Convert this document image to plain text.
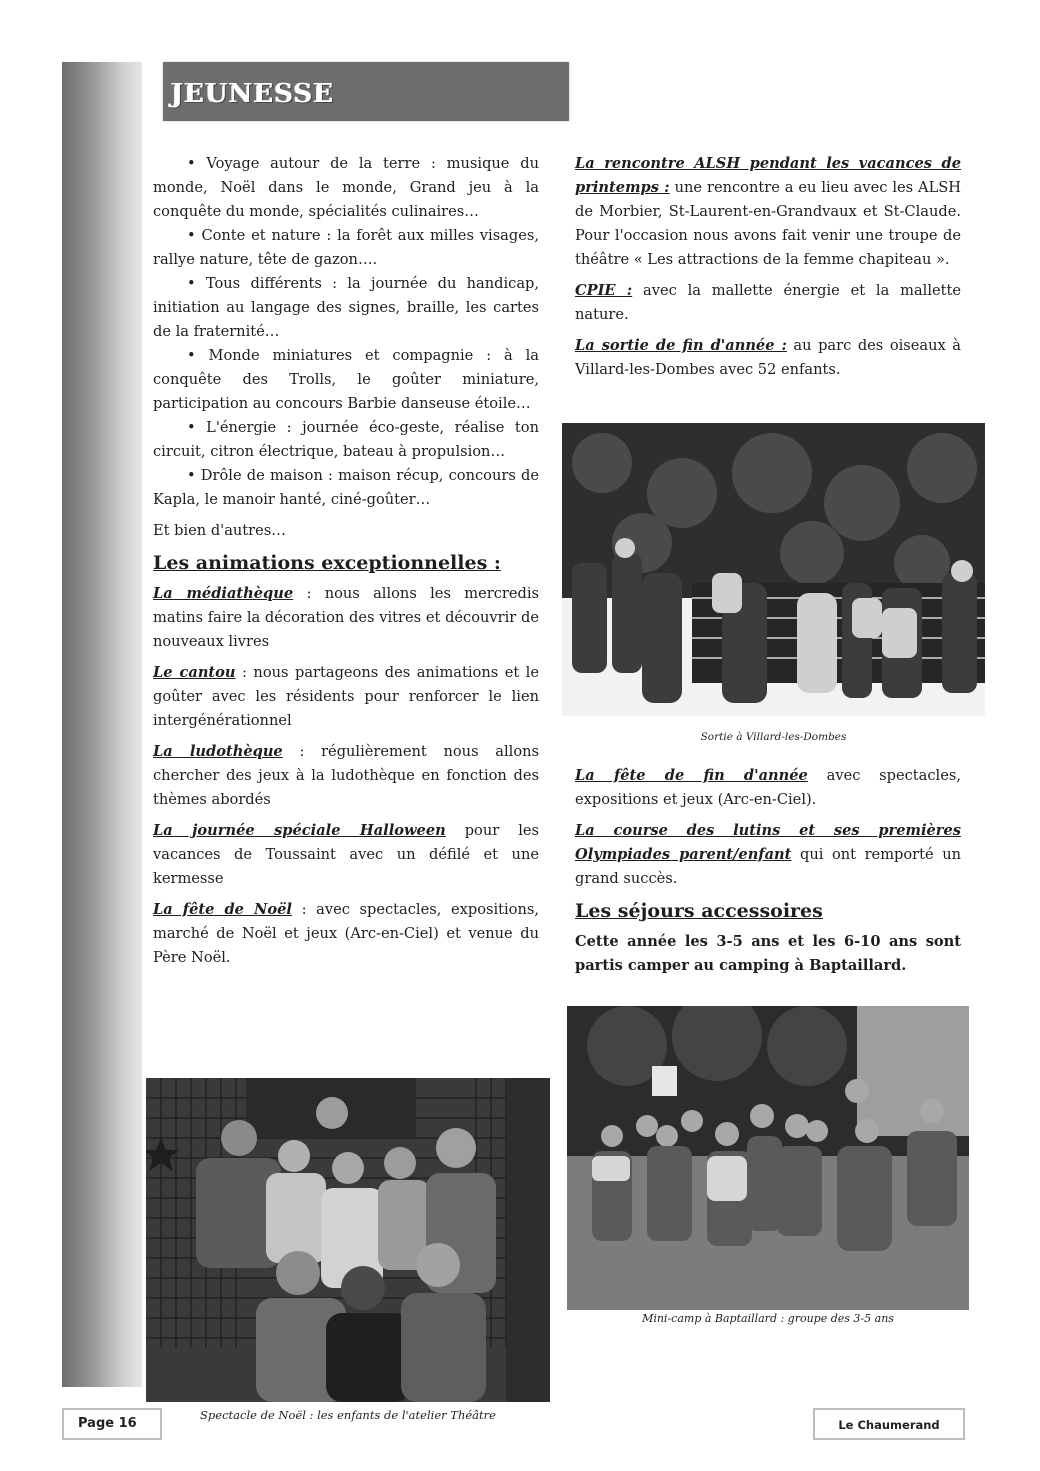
JEUNESSE

• Voyage autour de la terre : musique du monde, Noël dans le monde, Grand jeu à la conquête du monde, spécialités culinaires…

• Conte et nature : la forêt aux milles visages, rallye nature, tête de gazon….

• Tous différents : la journée du handicap, initiation au langage des signes, braille, les cartes de la fraternité…

• Monde miniatures et compagnie : à la conquête des Trolls, le goûter miniature, participation au concours Barbie danseuse étoile…

• L'énergie : journée éco-geste, réalise ton circuit, citron électrique, bateau à propulsion…

• Drôle de maison : maison récup, concours de Kapla, le manoir hanté, ciné-goûter…

Et bien d'autres…

Les animations exceptionnelles :

La médiathèque : nous allons les mercredis matins faire la décoration des vitres et découvrir de nouveaux livres

Le cantou : nous partageons des animations et le goûter avec les résidents pour renforcer le lien intergénérationnel

La ludothèque : régulièrement nous allons chercher des jeux à la ludothèque en fonction des thèmes abordés

La journée spéciale Halloween pour les vacances de Toussaint avec un défilé et une kermesse

La fête de Noël : avec spectacles, expositions, marché de Noël et jeux (Arc-en-Ciel) et venue du Père Noël.

Spectacle de Noël : les enfants de l'atelier Théâtre

La rencontre ALSH pendant les vacances de printemps : une rencontre a eu lieu avec les ALSH de Morbier, St-Laurent-en-Grandvaux et St-Claude. Pour l'occasion nous avons fait venir une troupe de théâtre « Les attractions de la femme chapiteau ».

CPIE : avec la mallette énergie et la mallette nature.

La sortie de fin d'année : au parc des oiseaux à Villard-les-Dombes avec 52 enfants.

Sortie à Villard-les-Dombes

La fête de fin d'année avec spectacles, expositions et jeux (Arc-en-Ciel).

La course des lutins et ses premières Olympiades parent/enfant qui ont remporté un grand succès.

Les séjours accessoires

Cette année les 3-5 ans et les 6-10 ans sont partis camper au camping à Baptaillard.

Mini-camp à Baptaillard : groupe des 3-5 ans
Page 16	Le Chaumerand
